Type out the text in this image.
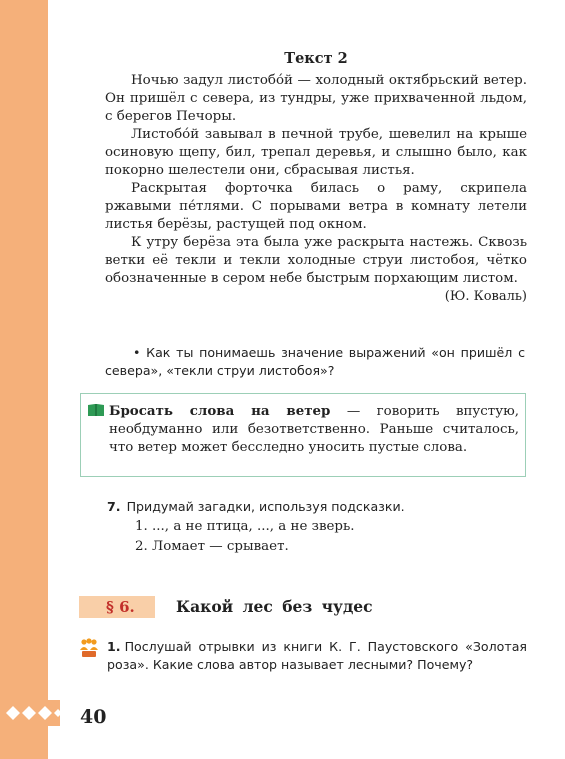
40

Текст 2

Ночью задул листобо́й — холодный октябрьский ветер. Он пришёл с севера, из тундры, уже прихваченной льдом, с берегов Печоры.

Листобо́й завывал в печной трубе, шевелил на крыше осиновую щепу, бил, трепал деревья, и слышно было, как покорно шелестели они, сбрасывая листья.

Раскрытая форточка билась о раму, скрипела ржавыми пе́тлями. С порывами ветра в комнату летели листья берёзы, растущей под окном.

К утру берёза эта была уже раскрыта настежь. Сквозь ветки её текли и текли холодные струи листобоя, чётко обозначенные в сером небе быстрым порхающим листом.

(Ю. Коваль)

• Как ты понимаешь значение выражений «он пришёл с севера», «текли струи листобоя»?

Бросать слова на ветер — говорить впустую, необдуманно или безответственно. Раньше считалось, что ветер может бесследно уносить пустые слова.

7. Придумай загадки, используя подсказки.

1. ..., а не птица, ..., а не зверь.

2. Ломает — срывает.

§ 6.	Какой лес без чудес

1. Послушай отрывки из книги К. Г. Паустовского «Золотая роза». Какие слова автор называет лесными? Почему?
